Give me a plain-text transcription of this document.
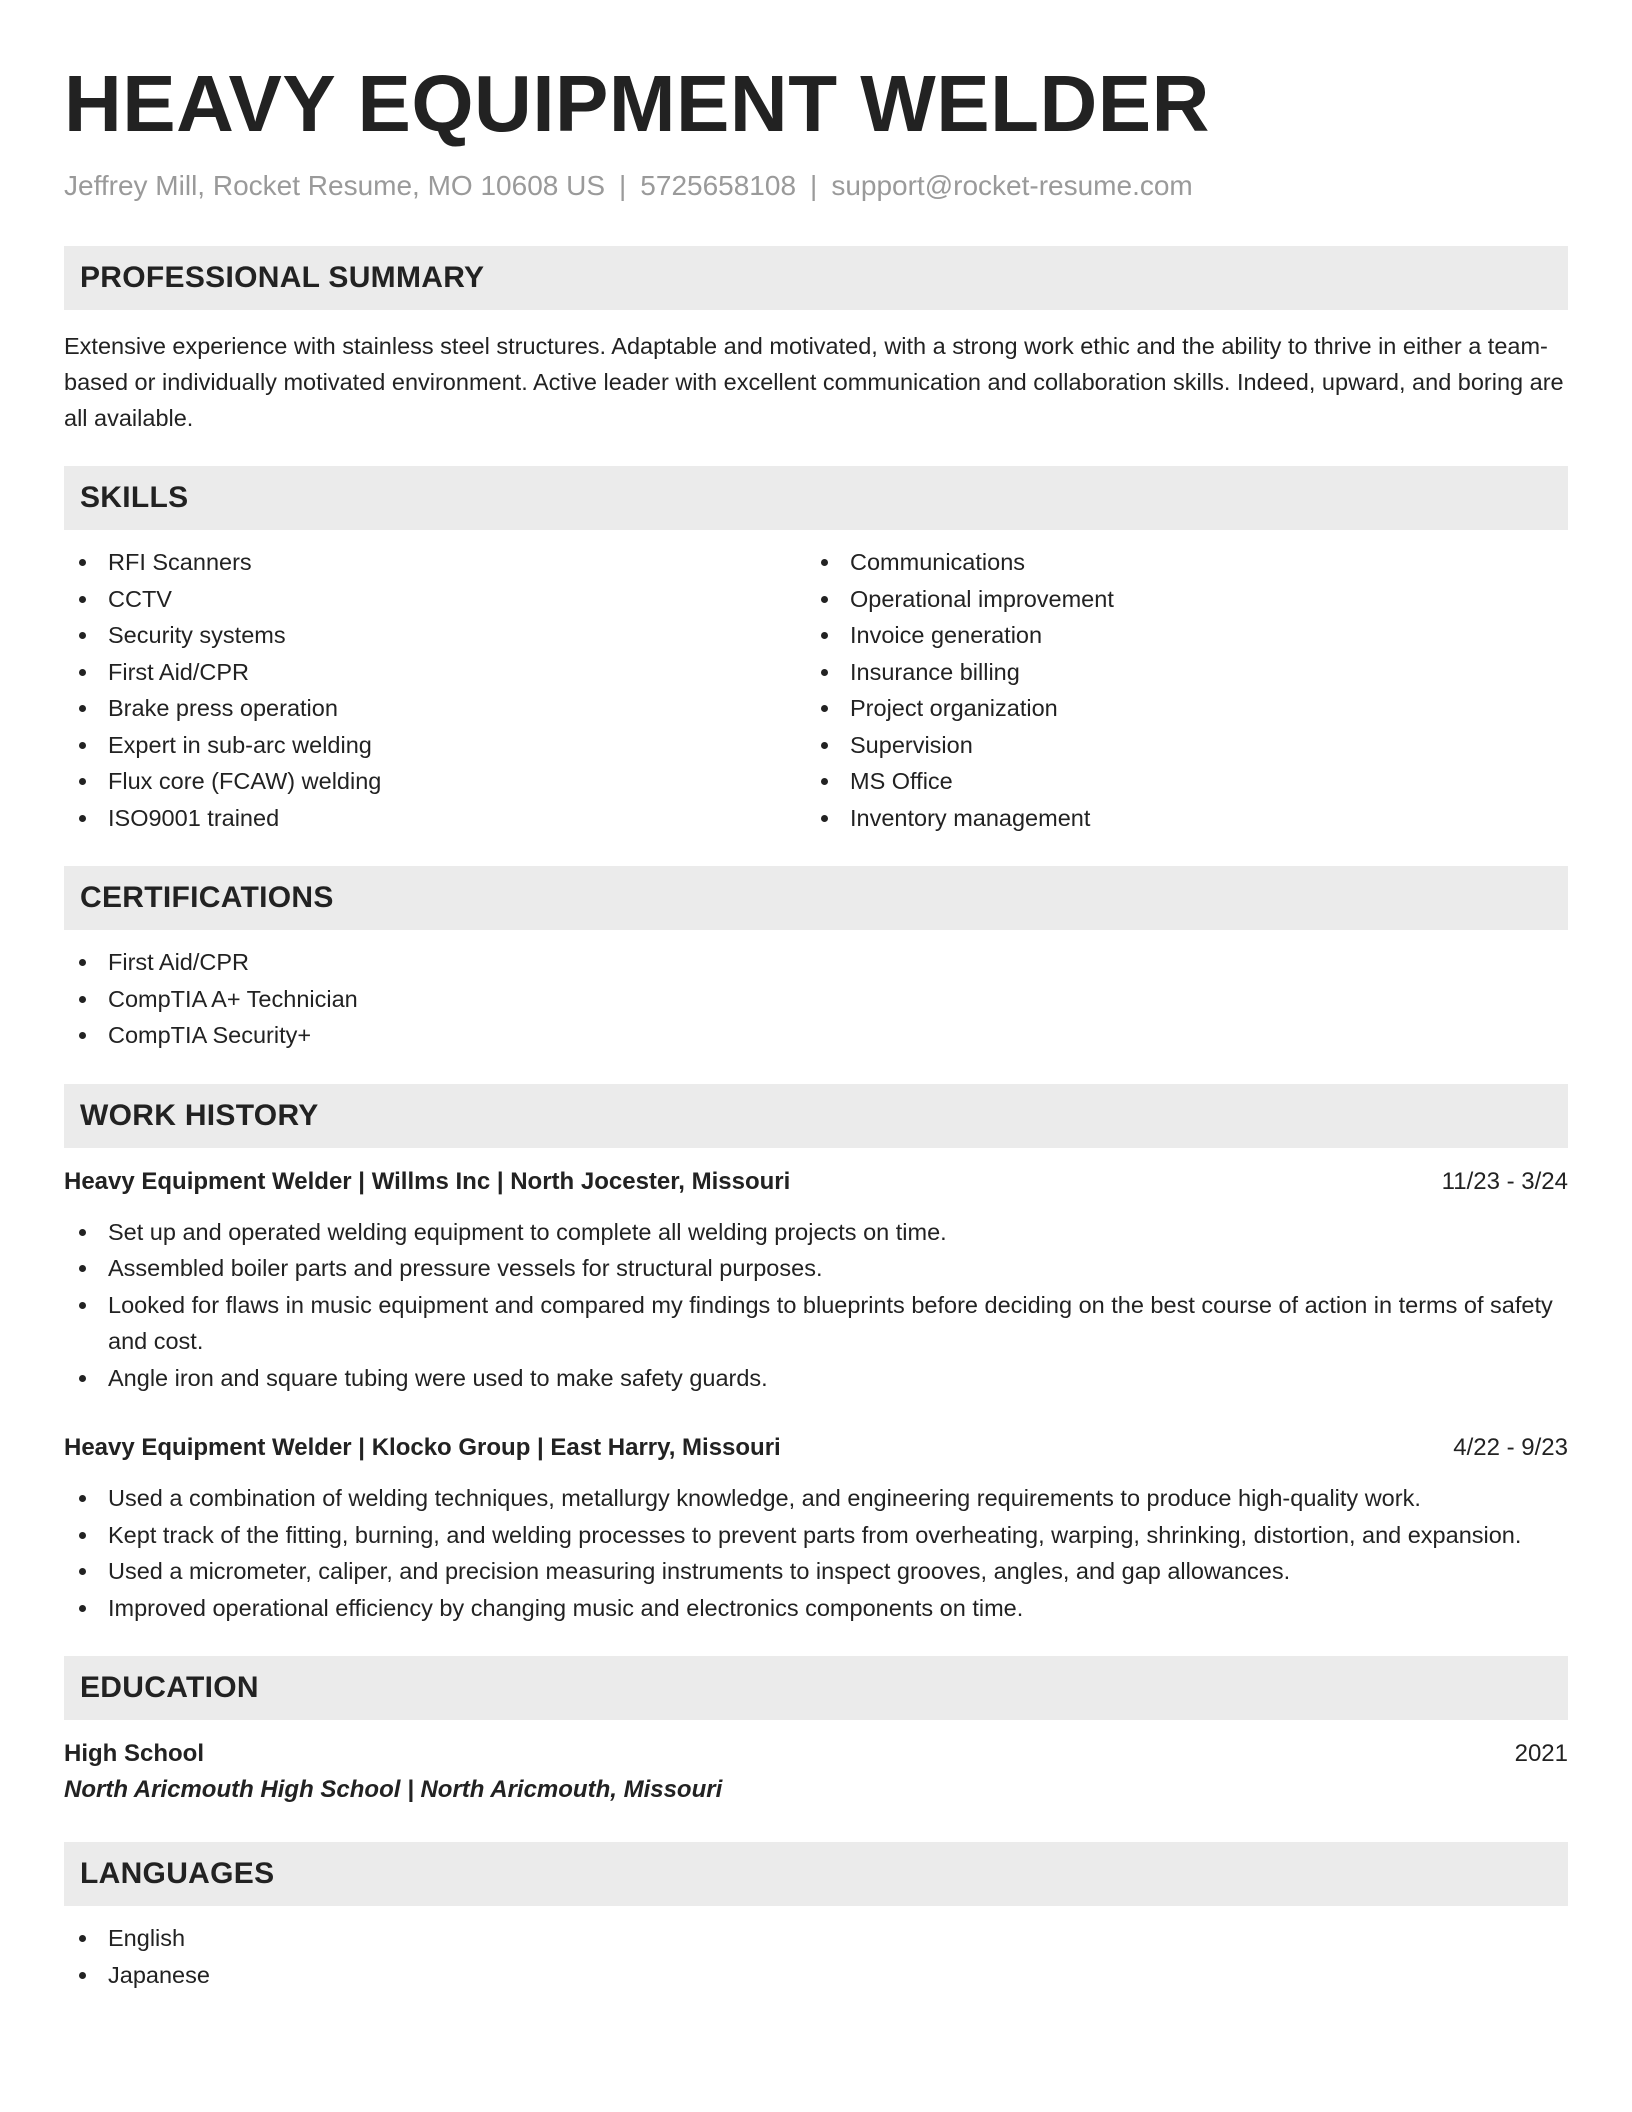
HEAVY EQUIPMENT WELDER
Jeffrey Mill, Rocket Resume, MO 10608 US | 5725658108 | support@rocket-resume.com
PROFESSIONAL SUMMARY

Extensive experience with stainless steel structures. Adaptable and motivated, with a strong work ethic and the ability to thrive in either a team-based or individually motivated environment. Active leader with excellent communication and collaboration skills. Indeed, upward, and boring are all available.

SKILLS
RFI Scanners
CCTV
Security systems
First Aid/CPR
Brake press operation
Expert in sub-arc welding
Flux core (FCAW) welding
ISO9001 trained
Communications
Operational improvement
Invoice generation
Insurance billing
Project organization
Supervision
MS Office
Inventory management
CERTIFICATIONS
First Aid/CPR
CompTIA A+ Technician
CompTIA Security+
WORK HISTORY
Heavy Equipment Welder | Willms Inc | North Jocester, Missouri	11/23 - 3/24
Set up and operated welding equipment to complete all welding projects on time.
Assembled boiler parts and pressure vessels for structural purposes.
Looked for flaws in music equipment and compared my findings to blueprints before deciding on the best course of action in terms of safety and cost.
Angle iron and square tubing were used to make safety guards.
Heavy Equipment Welder | Klocko Group | East Harry, Missouri	4/22 - 9/23
Used a combination of welding techniques, metallurgy knowledge, and engineering requirements to produce high-quality work.
Kept track of the fitting, burning, and welding processes to prevent parts from overheating, warping, shrinking, distortion, and expansion.
Used a micrometer, caliper, and precision measuring instruments to inspect grooves, angles, and gap allowances.
Improved operational efficiency by changing music and electronics components on time.
EDUCATION
High School	2021
North Aricmouth High School | North Aricmouth, Missouri
LANGUAGES
English
Japanese
